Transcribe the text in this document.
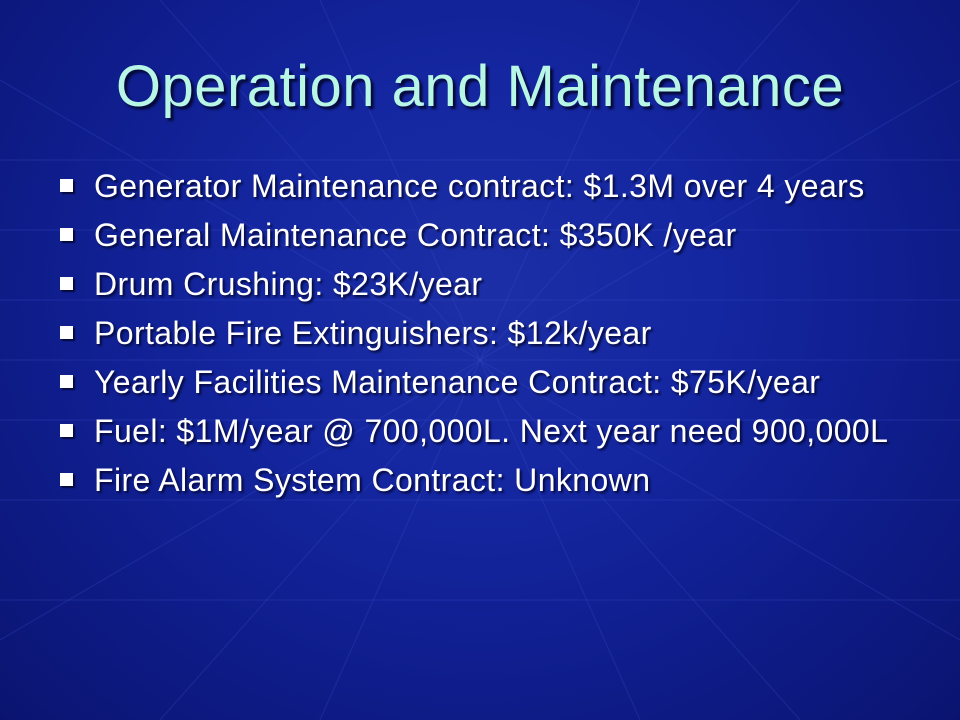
Operation and Maintenance
Generator Maintenance contract: $1.3M over 4 years
General Maintenance Contract: $350K /year
Drum Crushing: $23K/year
Portable Fire Extinguishers: $12k/year
Yearly Facilities Maintenance Contract: $75K/year
Fuel: $1M/year @ 700,000L. Next year need 900,000L
Fire Alarm System Contract: Unknown
